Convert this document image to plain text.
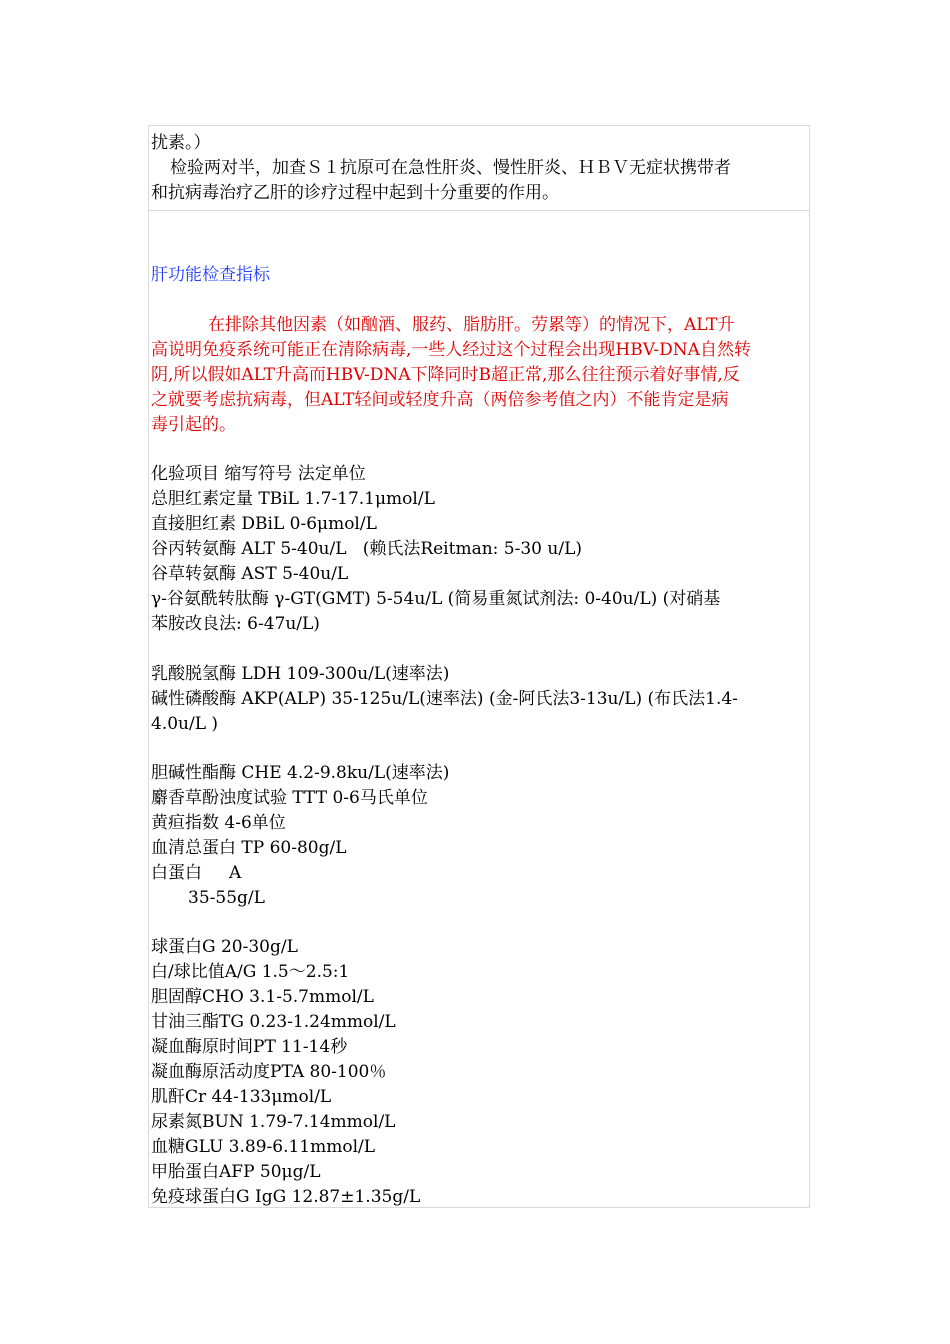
扰素。）

检验两对半，加查Ｓ１抗原可在急性肝炎、慢性肝炎、ＨＢＶ无症状携带者

和抗病毒治疗乙肝的诊疗过程中起到十分重要的作用。

肝功能检查指标

在排除其他因素（如酗酒、服药、脂肪肝。劳累等）的情况下，ALT升

高说明免疫系统可能正在清除病毒,一些人经过这个过程会出现HBV-DNA自然转

阴,所以假如ALT升高而HBV-DNA下降同时B超正常,那么往往预示着好事情,反

之就要考虑抗病毒，但ALT轻间或轻度升高（两倍参考值之内）不能肯定是病

毒引起的。

化验项目 缩写符号 法定单位

总胆红素定量 TBiL 1.7-17.1μmol/L

直接胆红素 DBiL 0-6μmol/L

谷丙转氨酶 ALT 5-40u/L   (赖氏法Reitman: 5-30 u/L)

谷草转氨酶 AST 5-40u/L

γ-谷氨酰转肽酶 γ-GT(GMT) 5-54u/L (简易重氮试剂法: 0-40u/L) (对硝基

苯胺改良法: 6-47u/L)

乳酸脱氢酶 LDH 109-300u/L(速率法)

碱性磷酸酶 AKP(ALP) 35-125u/L(速率法) (金-阿氏法3-13u/L) (布氏法1.4-

4.0u/L )

胆碱性酯酶 CHE 4.2-9.8ku/L(速率法)

麝香草酚浊度试验 TTT 0-6马氏单位

黄疸指数 4-6单位

血清总蛋白 TP 60-80g/L

白蛋白     A

35-55g/L

球蛋白G 20-30g/L

白/球比值A/G 1.5～2.5:1

胆固醇CHO 3.1-5.7mmol/L

甘油三酯TG 0.23-1.24mmol/L

凝血酶原时间PT 11-14秒

凝血酶原活动度PTA 80-100％

肌酐Cr 44-133μmol/L

尿素氮BUN 1.79-7.14mmol/L

血糖GLU 3.89-6.11mmol/L

甲胎蛋白AFP 50μg/L

免疫球蛋白G IgG 12.87±1.35g/L
